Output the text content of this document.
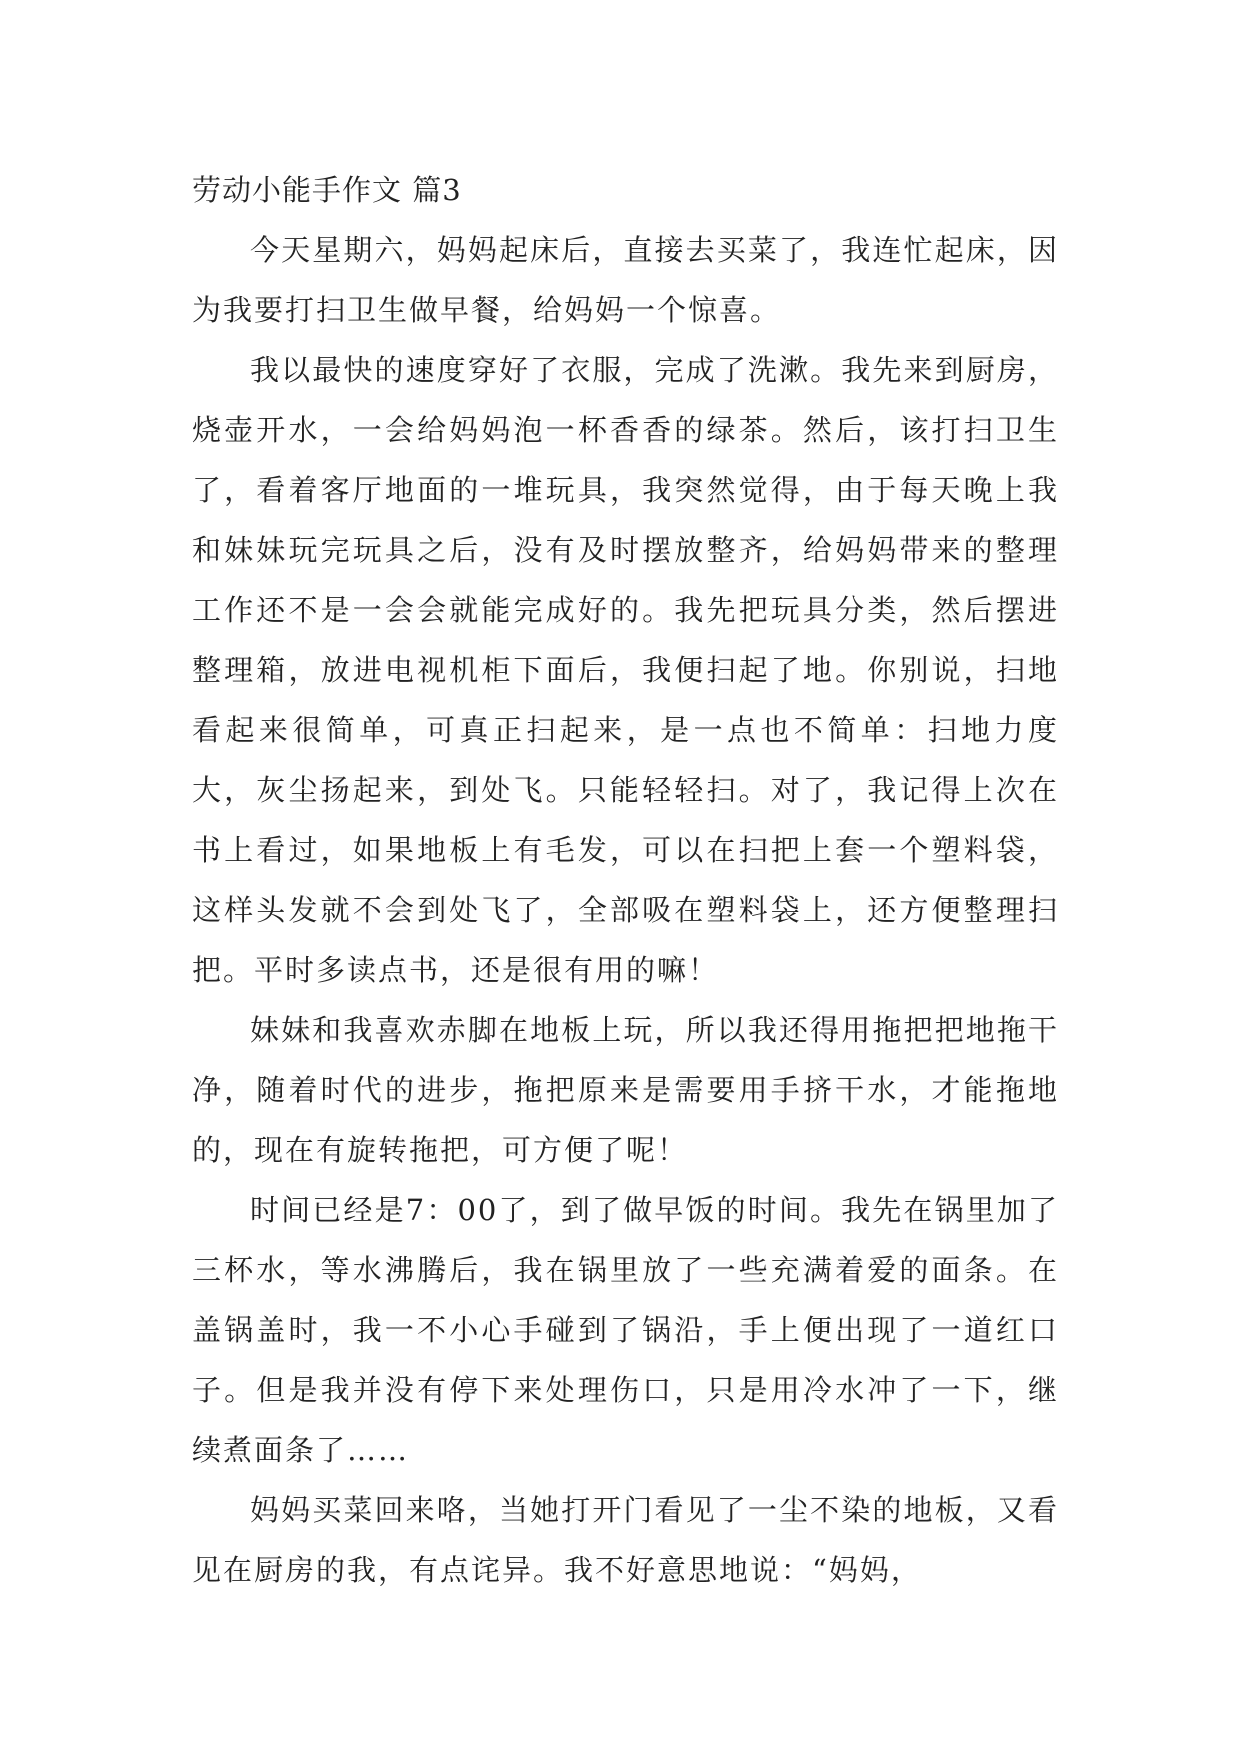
劳动小能手作文 篇3

今天星期六，妈妈起床后，直接去买菜了，我连忙起床，因为我要打扫卫生做早餐，给妈妈一个惊喜。

我以最快的速度穿好了衣服，完成了洗漱。我先来到厨房，烧壶开水，一会给妈妈泡一杯香香的绿茶。然后，该打扫卫生了，看着客厅地面的一堆玩具，我突然觉得，由于每天晚上我和妹妹玩完玩具之后，没有及时摆放整齐，给妈妈带来的整理工作还不是一会会就能完成好的。我先把玩具分类，然后摆进整理箱，放进电视机柜下面后，我便扫起了地。你别说，扫地看起来很简单，可真正扫起来，是一点也不简单：扫地力度大，灰尘扬起来，到处飞。只能轻轻扫。对了，我记得上次在书上看过，如果地板上有毛发，可以在扫把上套一个塑料袋，这样头发就不会到处飞了，全部吸在塑料袋上，还方便整理扫把。平时多读点书，还是很有用的嘛！

妹妹和我喜欢赤脚在地板上玩，所以我还得用拖把把地拖干净，随着时代的进步，拖把原来是需要用手挤干水，才能拖地的，现在有旋转拖把，可方便了呢！

时间已经是7：00了，到了做早饭的时间。我先在锅里加了三杯水，等水沸腾后，我在锅里放了一些充满着爱的面条。在盖锅盖时，我一不小心手碰到了锅沿，手上便出现了一道红口子。但是我并没有停下来处理伤口，只是用冷水冲了一下，继续煮面条了……

妈妈买菜回来咯，当她打开门看见了一尘不染的地板，又看见在厨房的我，有点诧异。我不好意思地说：“妈妈，
